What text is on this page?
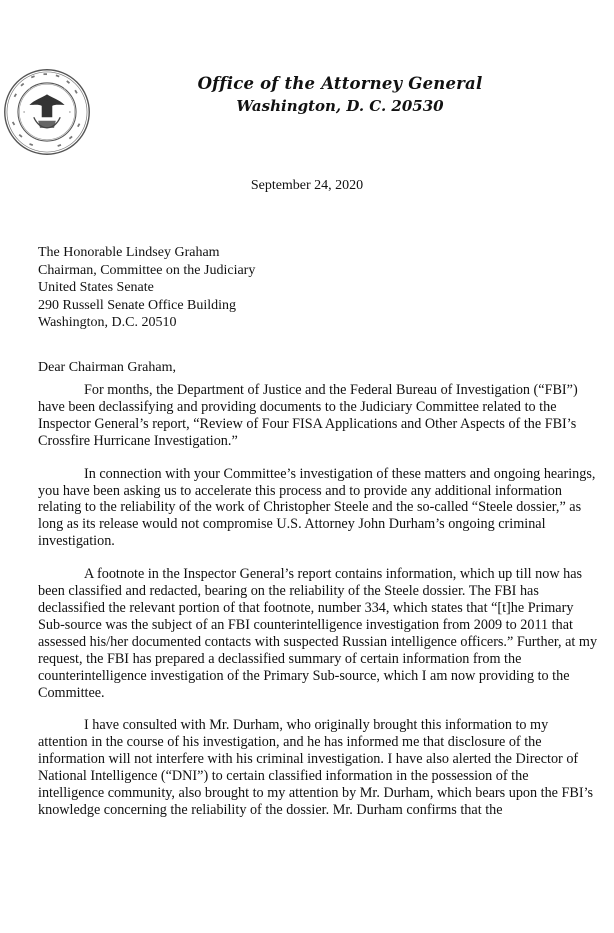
Office of the Attorney General
Washington, D. C. 20530
September 24, 2020
The Honorable Lindsey Graham
Chairman, Committee on the Judiciary
United States Senate
290 Russell Senate Office Building
Washington, D.C. 20510
Dear Chairman Graham,

For months, the Department of Justice and the Federal Bureau of Investigation (“FBI”) have been declassifying and providing documents to the Judiciary Committee related to the Inspector General’s report, “Review of Four FISA Applications and Other Aspects of the FBI’s Crossfire Hurricane Investigation.”

In connection with your Committee’s investigation of these matters and ongoing hearings, you have been asking us to accelerate this process and to provide any additional information relating to the reliability of the work of Christopher Steele and the so-called “Steele dossier,” as long as its release would not compromise U.S. Attorney John Durham’s ongoing criminal investigation.

A footnote in the Inspector General’s report contains information, which up till now has been classified and redacted, bearing on the reliability of the Steele dossier. The FBI has declassified the relevant portion of that footnote, number 334, which states that “[t]he Primary Sub-source was the subject of an FBI counterintelligence investigation from 2009 to 2011 that assessed his/her documented contacts with suspected Russian intelligence officers.” Further, at my request, the FBI has prepared a declassified summary of certain information from the counterintelligence investigation of the Primary Sub-source, which I am now providing to the Committee.

I have consulted with Mr. Durham, who originally brought this information to my attention in the course of his investigation, and he has informed me that disclosure of the information will not interfere with his criminal investigation. I have also alerted the Director of National Intelligence (“DNI”) to certain classified information in the possession of the intelligence community, also brought to my attention by Mr. Durham, which bears upon the FBI’s knowledge concerning the reliability of the dossier. Mr. Durham confirms that the
